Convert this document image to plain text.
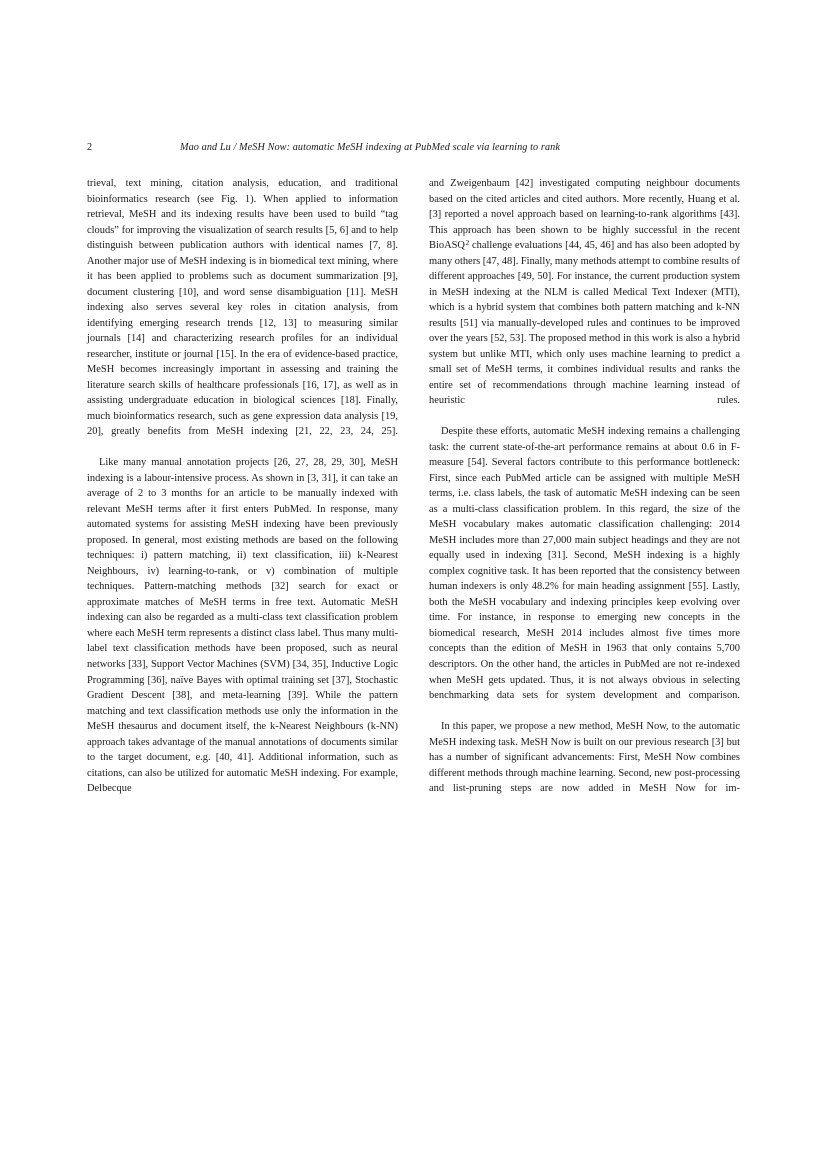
2	Mao and Lu / MeSH Now: automatic MeSH indexing at PubMed scale via learning to rank

trieval, text mining, citation analysis, education, and traditional bioinformatics research (see Fig. 1). When applied to information retrieval, MeSH and its indexing results have been used to build “tag clouds” for improving the visualization of search results [5, 6] and to help distinguish between publication authors with identical names [7, 8]. Another major use of MeSH indexing is in biomedical text mining, where it has been applied to problems such as document summarization [9], document clustering [10], and word sense disambiguation [11]. MeSH indexing also serves several key roles in citation analysis, from identifying emerging research trends [12, 13] to measuring similar journals [14] and characterizing research profiles for an individual researcher, institute or journal [15]. In the era of evidence-based practice, MeSH becomes increasingly important in assessing and training the literature search skills of healthcare professionals [16, 17], as well as in assisting undergraduate education in biological sciences [18]. Finally, much bioinformatics research, such as gene expression data analysis [19, 20], greatly benefits from MeSH indexing [21, 22, 23, 24, 25].

Like many manual annotation projects [26, 27, 28, 29, 30], MeSH indexing is a labour-intensive process. As shown in [3, 31], it can take an average of 2 to 3 months for an article to be manually indexed with relevant MeSH terms after it first enters PubMed. In response, many automated systems for assisting MeSH indexing have been previously proposed. In general, most existing methods are based on the following techniques: i) pattern matching, ii) text classification, iii) k-Nearest Neighbours, iv) learning-to-rank, or v) combination of multiple techniques. Pattern-matching methods [32] search for exact or approximate matches of MeSH terms in free text. Automatic MeSH indexing can also be regarded as a multi-class text classification problem where each MeSH term represents a distinct class label. Thus many multi-label text classification methods have been proposed, such as neural networks [33], Support Vector Machines (SVM) [34, 35], Inductive Logic Programming [36], naïve Bayes with optimal training set [37], Stochastic Gradient Descent [38], and meta-learning [39]. While the pattern matching and text classification methods use only the information in the MeSH thesaurus and document itself, the k-Nearest Neighbours (k-NN) approach takes advantage of the manual annotations of documents similar to the target document, e.g. [40, 41]. Additional information, such as citations, can also be utilized for automatic MeSH indexing. For example, Delbecque

and Zweigenbaum [42] investigated computing neighbour documents based on the cited articles and cited authors. More recently, Huang et al. [3] reported a novel approach based on learning-to-rank algorithms [43]. This approach has been shown to be highly successful in the recent BioASQ$^2$ challenge evaluations [44, 45, 46] and has also been adopted by many others [47, 48]. Finally, many methods attempt to combine results of different approaches [49, 50]. For instance, the current production system in MeSH indexing at the NLM is called Medical Text Indexer (MTI), which is a hybrid system that combines both pattern matching and k-NN results [51] via manually-developed rules and continues to be improved over the years [52, 53]. The proposed method in this work is also a hybrid system but unlike MTI, which only uses machine learning to predict a small set of MeSH terms, it combines individual results and ranks the entire set of recommendations through machine learning instead of heuristic rules.

Despite these efforts, automatic MeSH indexing remains a challenging task: the current state-of-the-art performance remains at about 0.6 in F-measure [54]. Several factors contribute to this performance bottleneck: First, since each PubMed article can be assigned with multiple MeSH terms, i.e. class labels, the task of automatic MeSH indexing can be seen as a multi-class classification problem. In this regard, the size of the MeSH vocabulary makes automatic classification challenging: 2014 MeSH includes more than 27,000 main subject headings and they are not equally used in indexing [31]. Second, MeSH indexing is a highly complex cognitive task. It has been reported that the consistency between human indexers is only 48.2% for main heading assignment [55]. Lastly, both the MeSH vocabulary and indexing principles keep evolving over time. For instance, in response to emerging new concepts in the biomedical research, MeSH 2014 includes almost five times more concepts than the edition of MeSH in 1963 that only contains 5,700 descriptors. On the other hand, the articles in PubMed are not re-indexed when MeSH gets updated. Thus, it is not always obvious in selecting benchmarking data sets for system development and comparison.

In this paper, we propose a new method, MeSH Now, to the automatic MeSH indexing task. MeSH Now is built on our previous research [3] but has a number of significant advancements: First, MeSH Now combines different methods through machine learning. Second, new post-processing and list-pruning steps are now added in MeSH Now for im-
